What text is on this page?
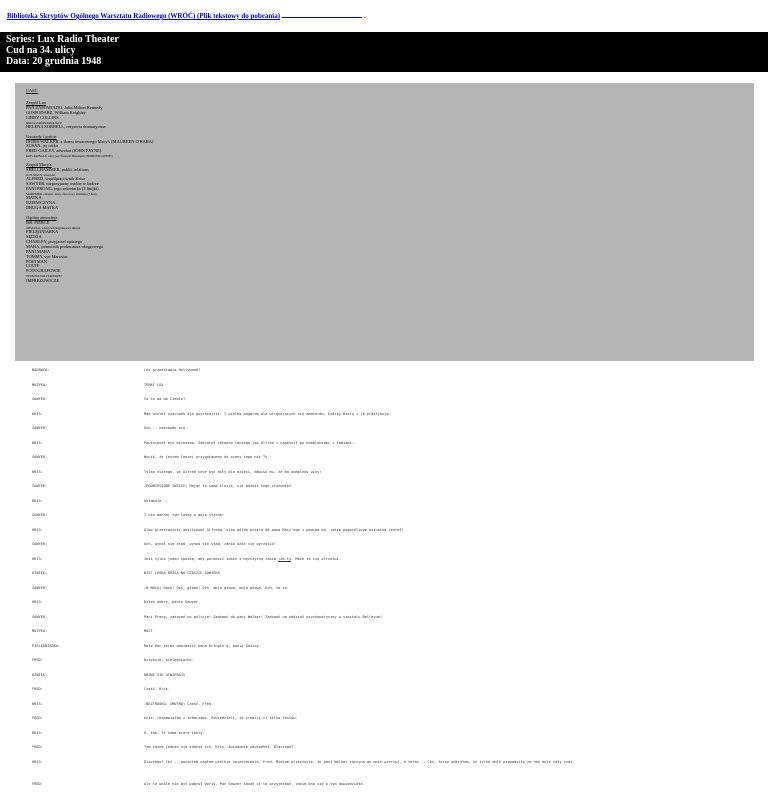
Biblioteka Skryptów Ogólnego Warsztatu Radiowego (WRÓĆ) (Plik tekstowy do pobrania)	.
Series: Lux Radio Theater
Cud na 34. ulicy
Data: 20 grudnia 1948
CAST:
Zespół Lux
PAN ZAPOWIADO, John Milton Kennedy
GOSPODARZ, William Keighley
LIBBY COLLINS
DRUGI ZAPOWIADAJĄCY
HELENA SORRELL, reżyseria dramatyczna
Gwiazdy i goście
DORIS WALKER, z domu towarowego Macy's (MAUREEN O'HARA)
SUSAN, jej córka
FRED GAILEY, adwokat (JOHN PAYNE)
KRIS KRINGLE, który jest Świętym Mikołajem (EDMUND GWENN)
Zespół Macy's
SHELLHAMMER, public relations
R. H. MACY, właściciel
ALFRED, współpracownik Krisa
SAWYER, nieprzyjazny osobie w kadrze
PANI PRONG, jego sekretarka (3 linijki)
MORTIMER, chłopiec, który chce nowy strażnika (7 linii)
MATKA
DZIEWCZYNA
DRUGA MATKA
Ogólna atmosfera
DR. PIERCE
OBSŁUGA, właściciel budynku przy sklepie
PIELĘGNIARKA
SĘDZIA
CHARLEY, przyjaciel sędziego
MARA, pomocnik prokuratora okręgowego
PANI MARA
TOMMY, syn Marasów
POSTMAN
LOUIE
FOTOGRAFOWIE
TŁUM NA SALI SĄDOWEJ
IMPREZOWICZE
NADAWCA:	Lux przedstawia Hollywood!
MUZYKA:	TEMAT LUX
SAWYER:	Co to ma do Ciebie?
KRIS:	Mam wielki szacunek dla psychiatrii. I wielką pogardę dla wtrącających się amatorów, którzy biorą i ją praktykują.
SAWYER:	Och -- naprawdę się.
KRIS:	Powinieneś być biznesem. Zabrałeś chłopca takiego jak Alfred i napełnił go kompleksami i fobiami--
SAWYER:	Wyniś, że jestem lepiej przygotowany do oceny tego niż Ty.
KRIS:	Tylko dlatego, że Alfred chce być miły dla dzieci, mówisz mu, że ma kompleks winy!
SAWYER:	(PODNIESIONE ŚWIECE) Mając tę samą iluzję, nie możesz tego zrozumieć.
KRIS:	Okłamuje --
SAWYER:	I nie machaj tym laską w moją stronę!
KRIS:	Albo przestaniesz analizować Alfreda, albo pójdę prosto do pana Macy'ego i powiem mu, jakim pogardliwym oszustem jesteś!
SAWYER:	Och, wynoś się stąd, wynoś się stąd, zanim każe cię wyrzucić!
KRIS:	Jest tylko jeden sposób, aby poradzić sobie z mężczyzną takim jak ty. Może to cię otrzeźwi.
DŹWIĘK:	BZZ! LASKA KRISA NA CZASZCE SAWYERA
SAWYER:	(W BÓLU) Ooch! Och, głowa! Och, moja głowa, moja głowa. Och, to to.
KRIS:	Dzień dobry, panie Sawyer.
SAWYER:	Pani Prong, zadzwoń po policję! Zadzwoń do pani Walker! Zadzwoń na oddział psychopatyczny w szpitalu Bellevue!
MUZYKA:	MOST
PIELĘGNIARKA:	Może Pan teraz odwiedzić pana Kringle'a, panie Gailey.
FRED:	Dziękuję, pielęgniarko.
DŹWIĘK:	DRZWI SIĘ OTWIERAJĄ
FRED:	Cześć, Kris.
KRIS:	(BEZTROSKO, SMUTNO) Cześć, Fred.
FRED:	Kris, rozmawiałem z lekarzami. Powiedzieli, że zrobili ci kilka testów.
KRIS:	O, tak. Te same stare testy.
FRED:	Tym razem jednak nie zdałeś ich. Kris, świadomie zawiodłeś. Dlaczego?
KRIS:	Dlaczego? Cóż -- poczułem nagłem wielkie zniechęcenie, Fred. Miałem przeczucie, że pani Walker zaczyna we mnie wierzyć, a teraz -- Cóż, teraz odkryłem, że tylko mnie prowadziła za nos mnie cały czas.
FRED:	Ale to wcale nie był pomysł Doris. Pan Sawyer kazał ci to przyjechać, zanim ona się o tym dowiedziała.
